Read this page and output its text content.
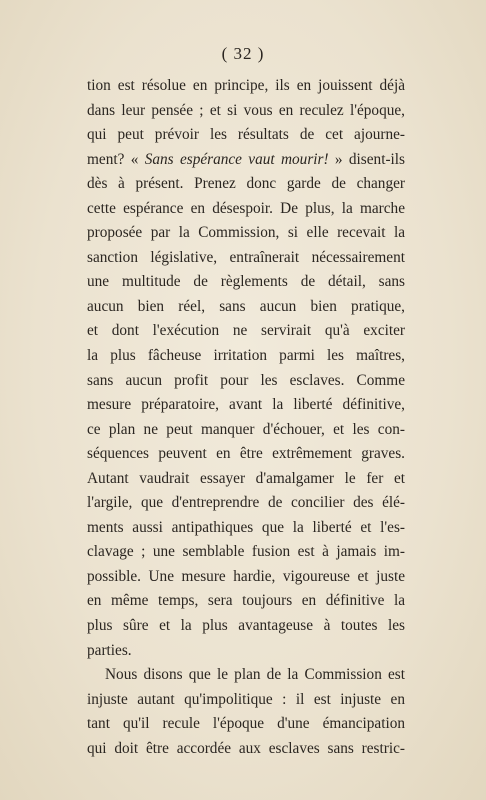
( 32 )
tion est résolue en principe, ils en jouissent déjà
dans leur pensée ; et si vous en reculez l'époque,
qui peut prévoir les résultats de cet ajourne-
ment? « Sans espérance vaut mourir! » disent-ils
dès à présent. Prenez donc garde de changer
cette espérance en désespoir. De plus, la marche
proposée par la Commission, si elle recevait la
sanction législative, entraînerait nécessairement
une multitude de règlements de détail, sans
aucun bien réel, sans aucun bien pratique,
et dont l'exécution ne servirait qu'à exciter
la plus fâcheuse irritation parmi les maîtres,
sans aucun profit pour les esclaves. Comme
mesure préparatoire, avant la liberté définitive,
ce plan ne peut manquer d'échouer, et les con-
séquences peuvent en être extrêmement graves.
Autant vaudrait essayer d'amalgamer le fer et
l'argile, que d'entreprendre de concilier des élé-
ments aussi antipathiques que la liberté et l'es-
clavage ; une semblable fusion est à jamais im-
possible. Une mesure hardie, vigoureuse et juste
en même temps, sera toujours en définitive la
plus sûre et la plus avantageuse à toutes les
parties.
Nous disons que le plan de la Commission est
injuste autant qu'impolitique : il est injuste en
tant qu'il recule l'époque d'une émancipation
qui doit être accordée aux esclaves sans restric-
